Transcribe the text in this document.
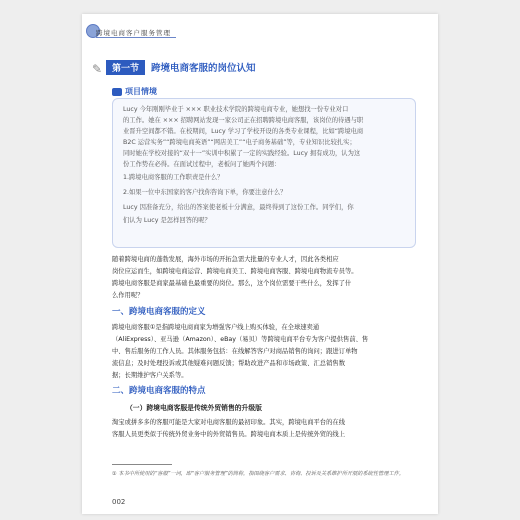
跨境电商客户服务管理
✎	第一节	跨境电商客服的岗位认知
项目情境

Lucy 今年刚刚毕业于 ××× 职业技术学院的跨境电商专业，她想找一份专业对口

的工作。她在 ××× 招聘网站发现一家公司正在招聘跨境电商客服，该岗位的待遇与职

业晋升空间都不错。在校期间，Lucy 学习了学校开设的各类专业课程，比如“跨境电商

B2C 运营实务”“跨境电商英语”“网店美工”“电子商务基础”等，专业知识比较扎实；

同时她在学校对接的“双十一”实训中积累了一定的实践经验。Lucy 拥有成功，认为这

份工作势在必得。在面试过程中，老板问了她两个问题：

1.跨境电商客服的工作职责是什么？

2.如果一位中东国家的客户找你咨询下单，你要注意什么？

Lucy 因准备充分，给出的答案使老板十分满意，最终得到了这份工作。同学们，你

们认为 Lucy 是怎样回答的呢？

随着跨境电商的蓬勃发展，海外市场的开拓急需大批量的专业人才，因此各类相应

岗位应运而生，如跨境电商运营、跨境电商美工、跨境电商客服、跨境电商物流专员等。

跨境电商客服是商家最基础也最重要的岗位。那么，这个岗位需要干些什么，发挥了什

么作用呢？

一、跨境电商客服的定义

跨境电商客服①是指跨境电商商家为增强客户线上购买体验，在全球速卖通

（AliExpress）、亚马逊（Amazon）、eBay（易贝）等跨境电商平台专为客户提供售前、售

中、售后服务的工作人员。其体服务包括：在线解答客户对商品销售的询问；跟进订单物

流信息；及时处理投诉或其他疑难问题反馈；帮助改进产品和市场政策、汇总销售数

据；长期维护客户关系等。

二、跨境电商客服的特点
（一）跨境电商客服是传统外贸销售的升级版

淘宝或拼多多的客服可能是大家对电商客服的最初印象。其实，跨境电商平台的在线

客服人员更类似于传统外贸业务中的外贸销售员。跨境电商本质上是传统外贸的线上

① 本书中所使用的“客服”一词，即“客户服务管理”的简称，指围绕客户需求、咨询、投诉及关系维护所开展的系统性管理工作。

002
